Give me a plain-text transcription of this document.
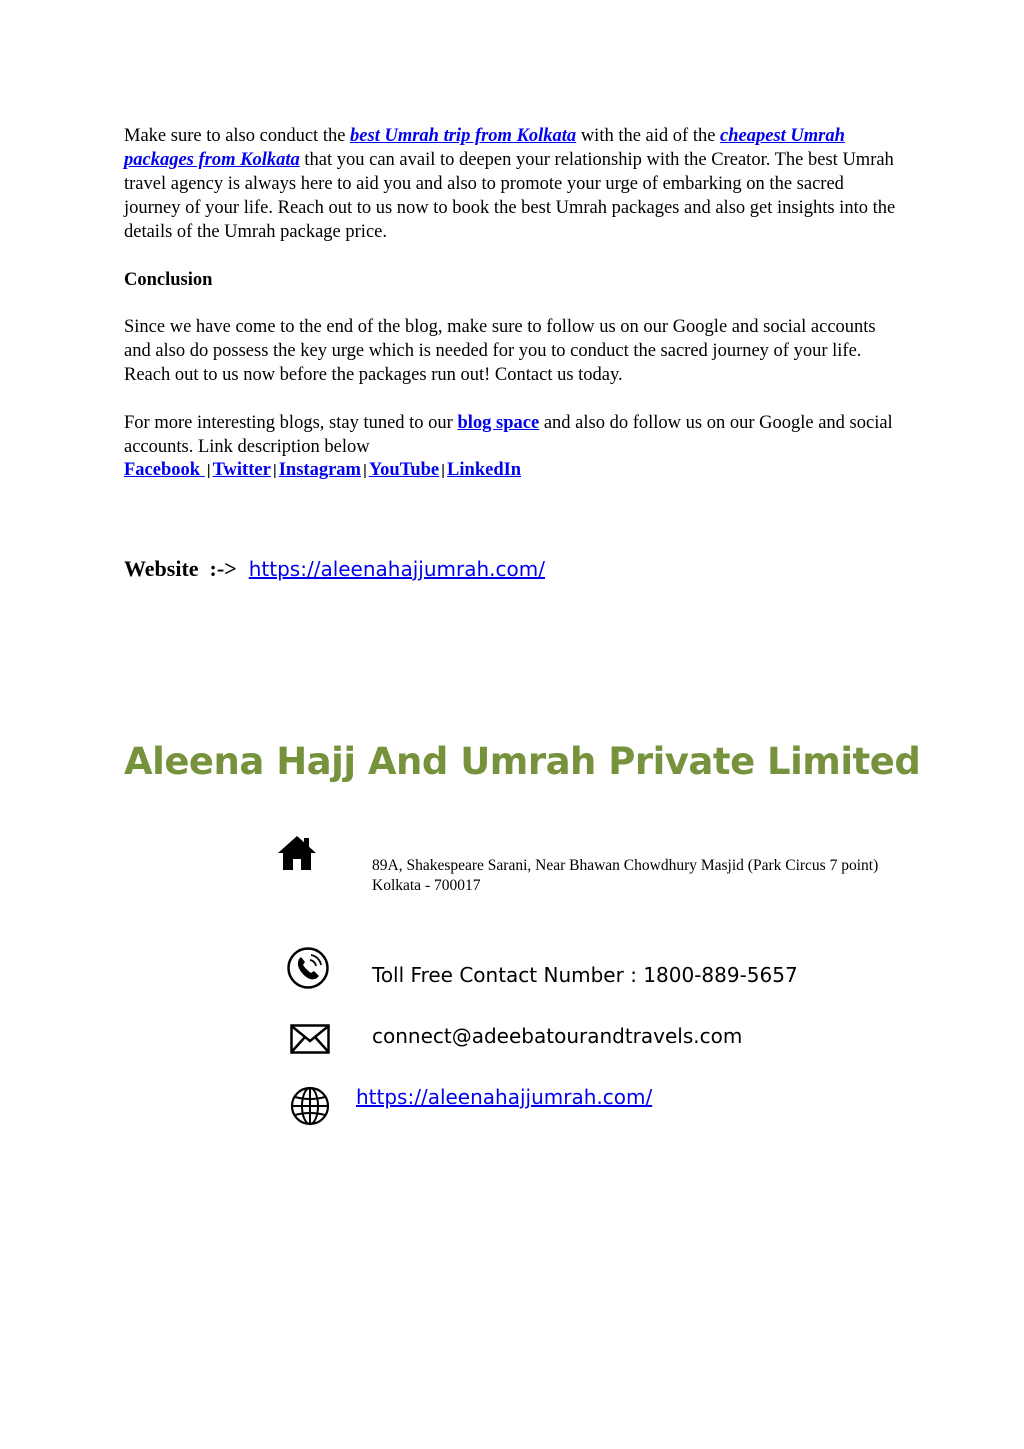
Make sure to also conduct the best Umrah trip from Kolkata with the aid of the cheapest Umrah packages from Kolkata that you can avail to deepen your relationship with the Creator. The best Umrah travel agency is always here to aid you and also to promote your urge of embarking on the sacred journey of your life. Reach out to us now to book the best Umrah packages and also get insights into the details of the Umrah package price.

Conclusion

Since we have come to the end of the blog, make sure to follow us on our Google and social accounts and also do possess the key urge which is needed for you to conduct the sacred journey of your life. Reach out to us now before the packages run out! Contact us today.

For more interesting blogs, stay tuned to our blog space and also do follow us on our Google and social accounts. Link description below

Facebook | Twitter | Instagram | YouTube | LinkedIn

Website  :-> https://aleenahajjumrah.com/
Aleena Hajj And Umrah Private Limited
89A, Shakespeare Sarani, Near Bhawan Chowdhury Masjid (Park Circus 7 point) Kolkata - 700017
Toll Free Contact Number : 1800-889-5657
connect@adeebatourandtravels.com
https://aleenahajjumrah.com/
